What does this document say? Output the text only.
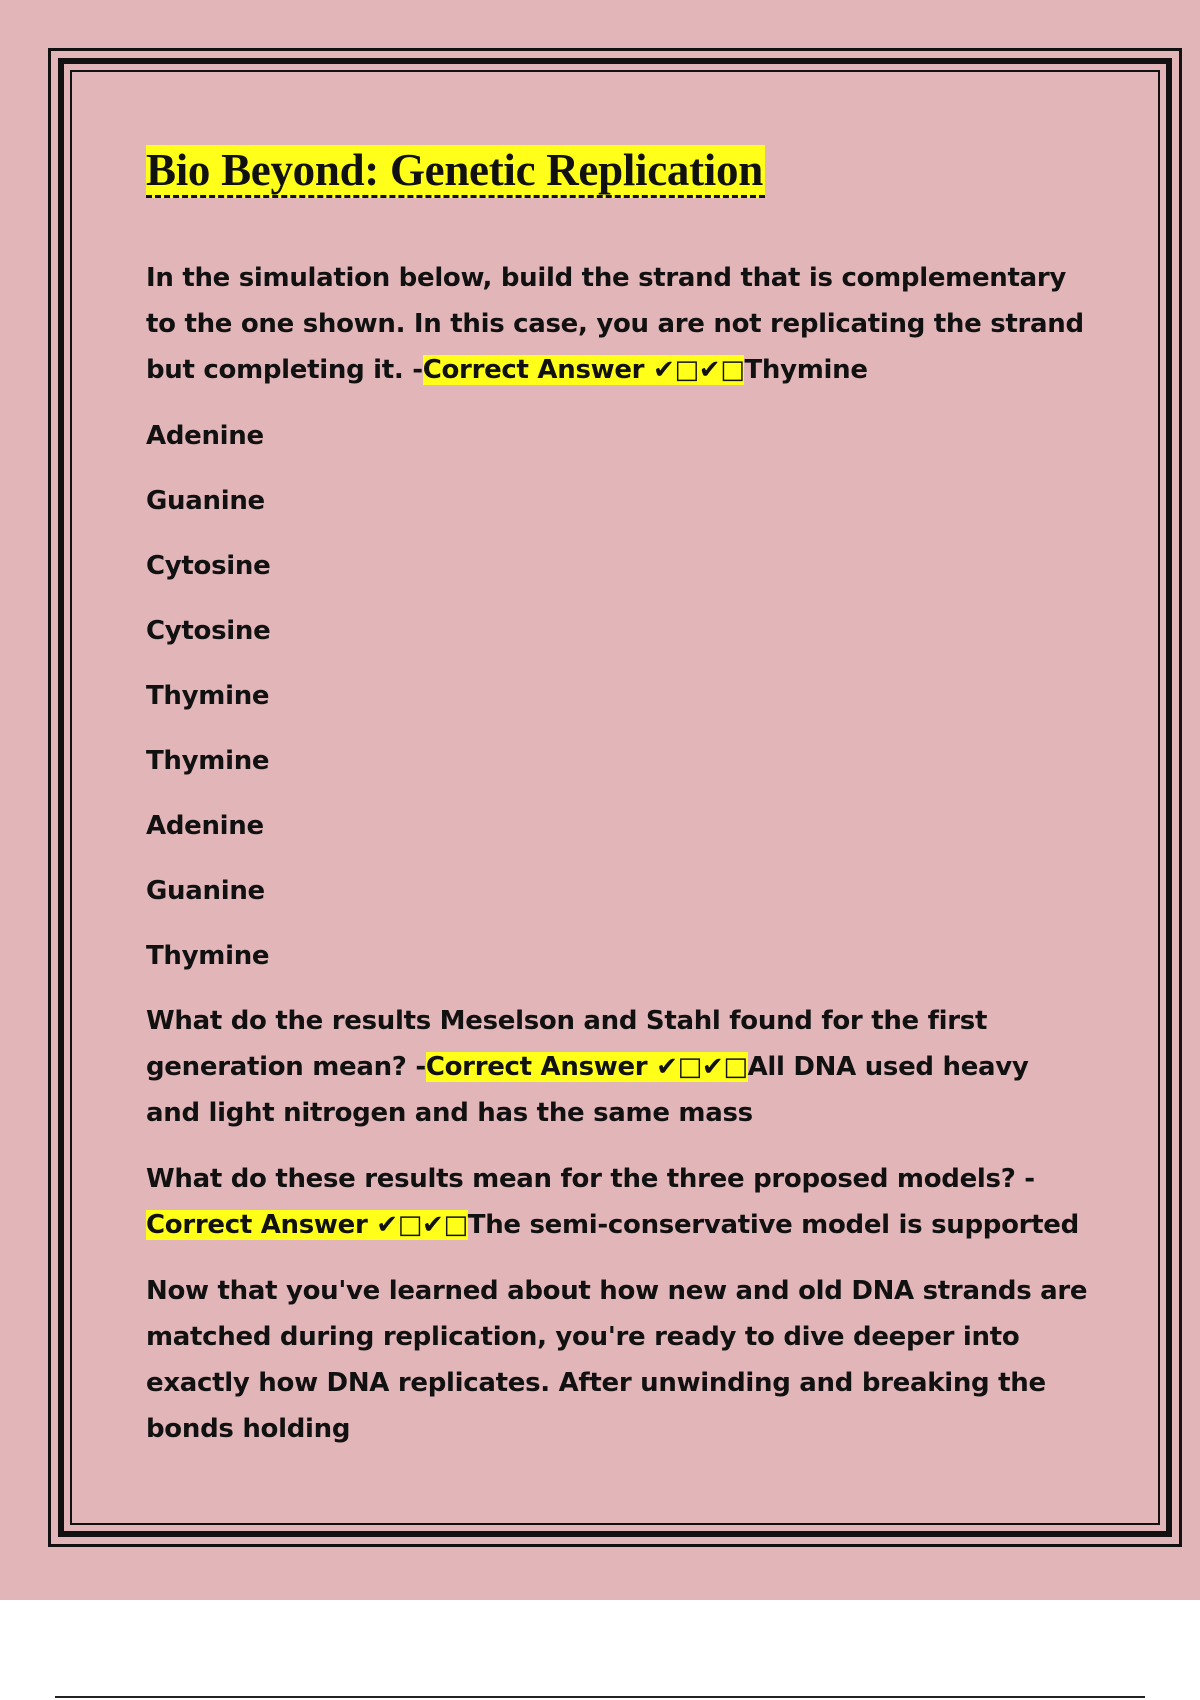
Bio Beyond: Genetic Replication

In the simulation below, build the strand that is complementary to the one shown. In this case, you are not replicating the strand but completing it. -Correct Answer ✔□✔□Thymine

Adenine
Guanine
Cytosine
Cytosine
Thymine
Thymine
Adenine
Guanine
Thymine

What do the results Meselson and Stahl found for the first generation mean? -Correct Answer ✔□✔□All DNA used heavy and light nitrogen and has the same mass

What do these results mean for the three proposed models? -Correct Answer ✔□✔□The semi-conservative model is supported

Now that you've learned about how new and old DNA strands are matched during replication, you're ready to dive deeper into exactly how DNA replicates. After unwinding and breaking the bonds holding
